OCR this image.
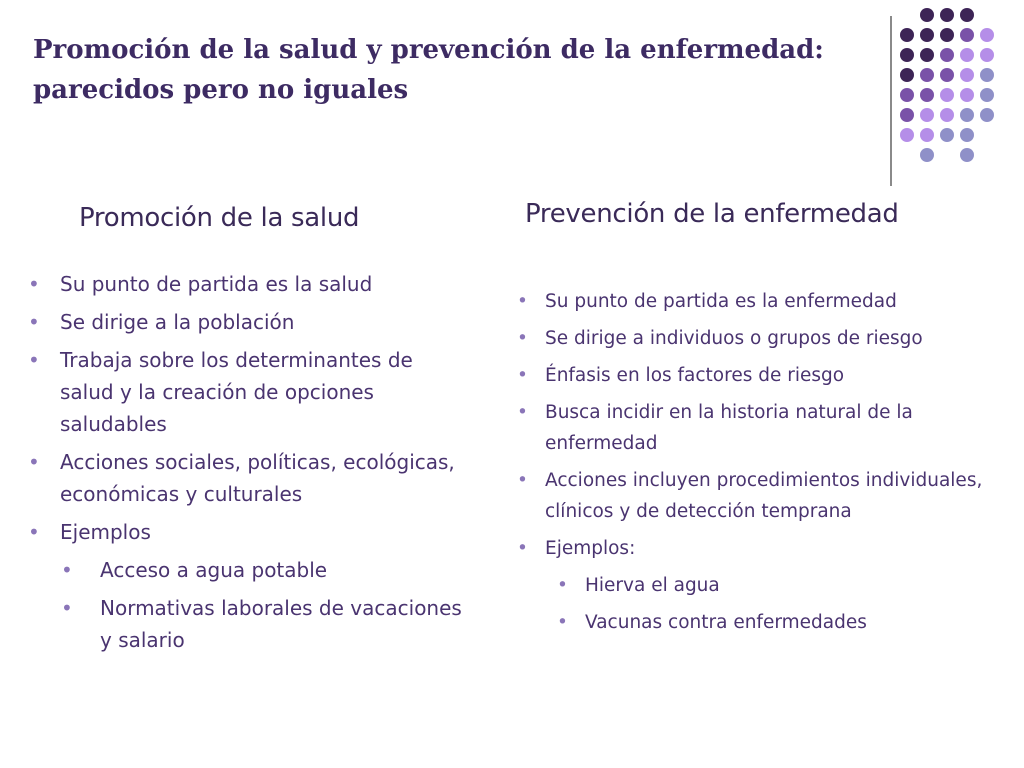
Promoción de la salud y prevención de la enfermedad: parecidos pero no iguales
Promoción de la salud
• Su punto de partida es la salud
• Se dirige a la población
• Trabaja sobre los determinantes de salud y la creación de opciones saludables
• Acciones sociales, políticas, ecológicas, económicas y culturales
• Ejemplos
• Acceso a agua potable
• Normativas laborales de vacaciones y salario
Prevención de la enfermedad
• Su punto de partida es la enfermedad
• Se dirige a individuos o grupos de riesgo
• Énfasis en los factores de riesgo
• Busca incidir en la historia natural de la enfermedad
• Acciones incluyen procedimientos individuales, clínicos y de detección temprana
• Ejemplos:
• Hierva el agua
• Vacunas contra enfermedades
